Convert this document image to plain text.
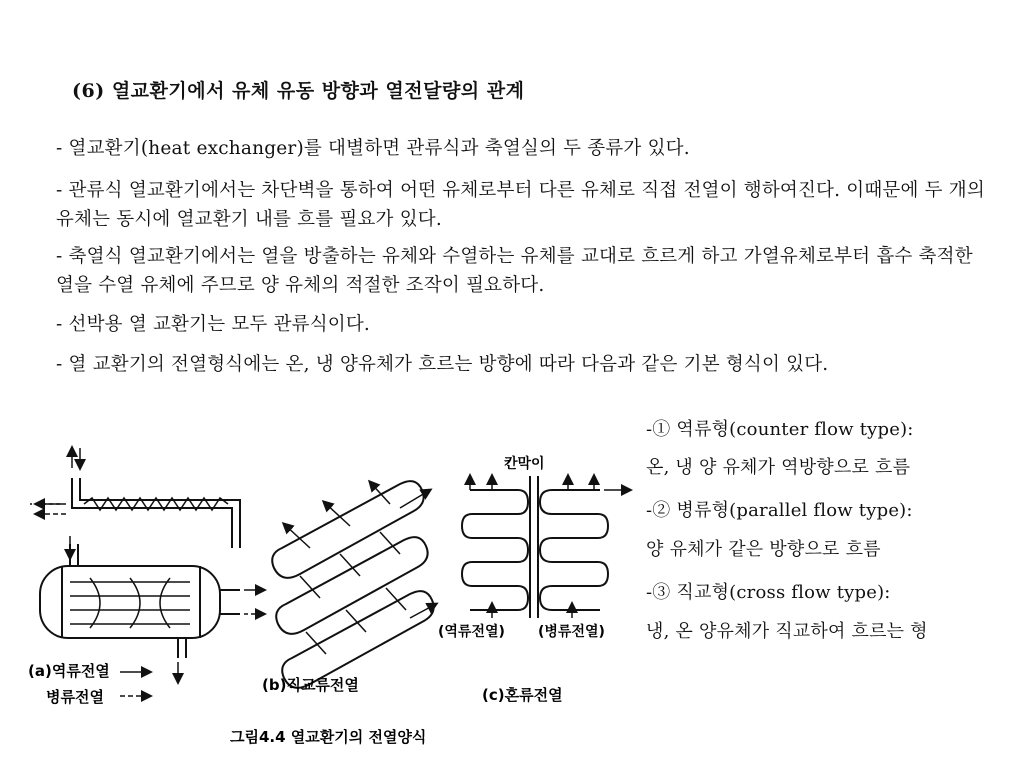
(6) 열교환기에서 유체 유동 방향과 열전달량의 관계
- 열교환기(heat exchanger)를 대별하면 관류식과 축열실의 두 종류가 있다.
- 관류식 열교환기에서는 차단벽을 통하여 어떤 유체로부터 다른 유체로 직접 전열이 행하여진다. 이때문에 두 개의 유체는 동시에 열교환기 내를 흐를 필요가 있다.
- 축열식 열교환기에서는 열을 방출하는 유체와 수열하는 유체를 교대로 흐르게 하고 가열유체로부터 흡수 축적한 열을 수열 유체에 주므로 양 유체의 적절한 조작이 필요하다.
- 선박용 열 교환기는 모두 관류식이다.
- 열 교환기의 전열형식에는 온, 냉 양유체가 흐르는 방향에 따라 다음과 같은 기본 형식이 있다.
-① 역류형(counter flow type):
온, 냉 양 유체가 역방향으로 흐름
-② 병류형(parallel flow type):
양 유체가 같은 방향으로 흐름
-③ 직교형(cross flow type):
냉, 온 양유체가 직교하여 흐르는 형
(a)역류전열
병류전열
(b)직교류전열
칸막이
(역류전열) (병류전열)
(c)혼류전열
그림4.4 열교환기의 전열양식
